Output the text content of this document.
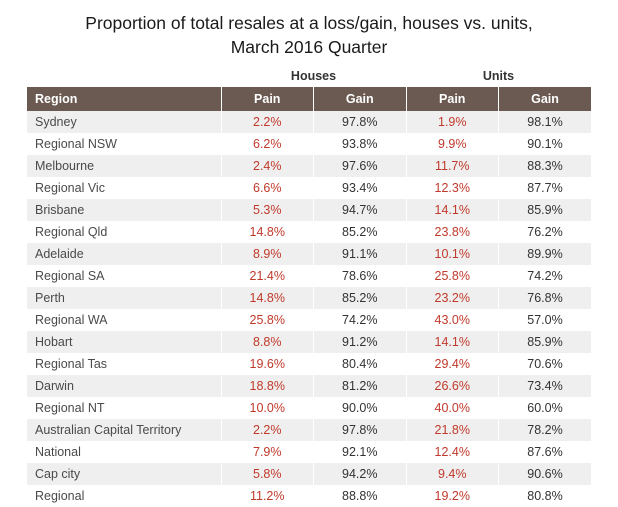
Proportion of total resales at a loss/gain, houses vs. units,
March 2016 Quarter
	Houses		Units	
Region	Pain	Gain	Pain	Gain
Sydney	2.2%	97.8%	1.9%	98.1%
Regional NSW	6.2%	93.8%	9.9%	90.1%
Melbourne	2.4%	97.6%	11.7%	88.3%
Regional Vic	6.6%	93.4%	12.3%	87.7%
Brisbane	5.3%	94.7%	14.1%	85.9%
Regional Qld	14.8%	85.2%	23.8%	76.2%
Adelaide	8.9%	91.1%	10.1%	89.9%
Regional SA	21.4%	78.6%	25.8%	74.2%
Perth	14.8%	85.2%	23.2%	76.8%
Regional WA	25.8%	74.2%	43.0%	57.0%
Hobart	8.8%	91.2%	14.1%	85.9%
Regional Tas	19.6%	80.4%	29.4%	70.6%
Darwin	18.8%	81.2%	26.6%	73.4%
Regional NT	10.0%	90.0%	40.0%	60.0%
Australian Capital Territory	2.2%	97.8%	21.8%	78.2%
National	7.9%	92.1%	12.4%	87.6%
Cap city	5.8%	94.2%	9.4%	90.6%
Regional	11.2%	88.8%	19.2%	80.8%
